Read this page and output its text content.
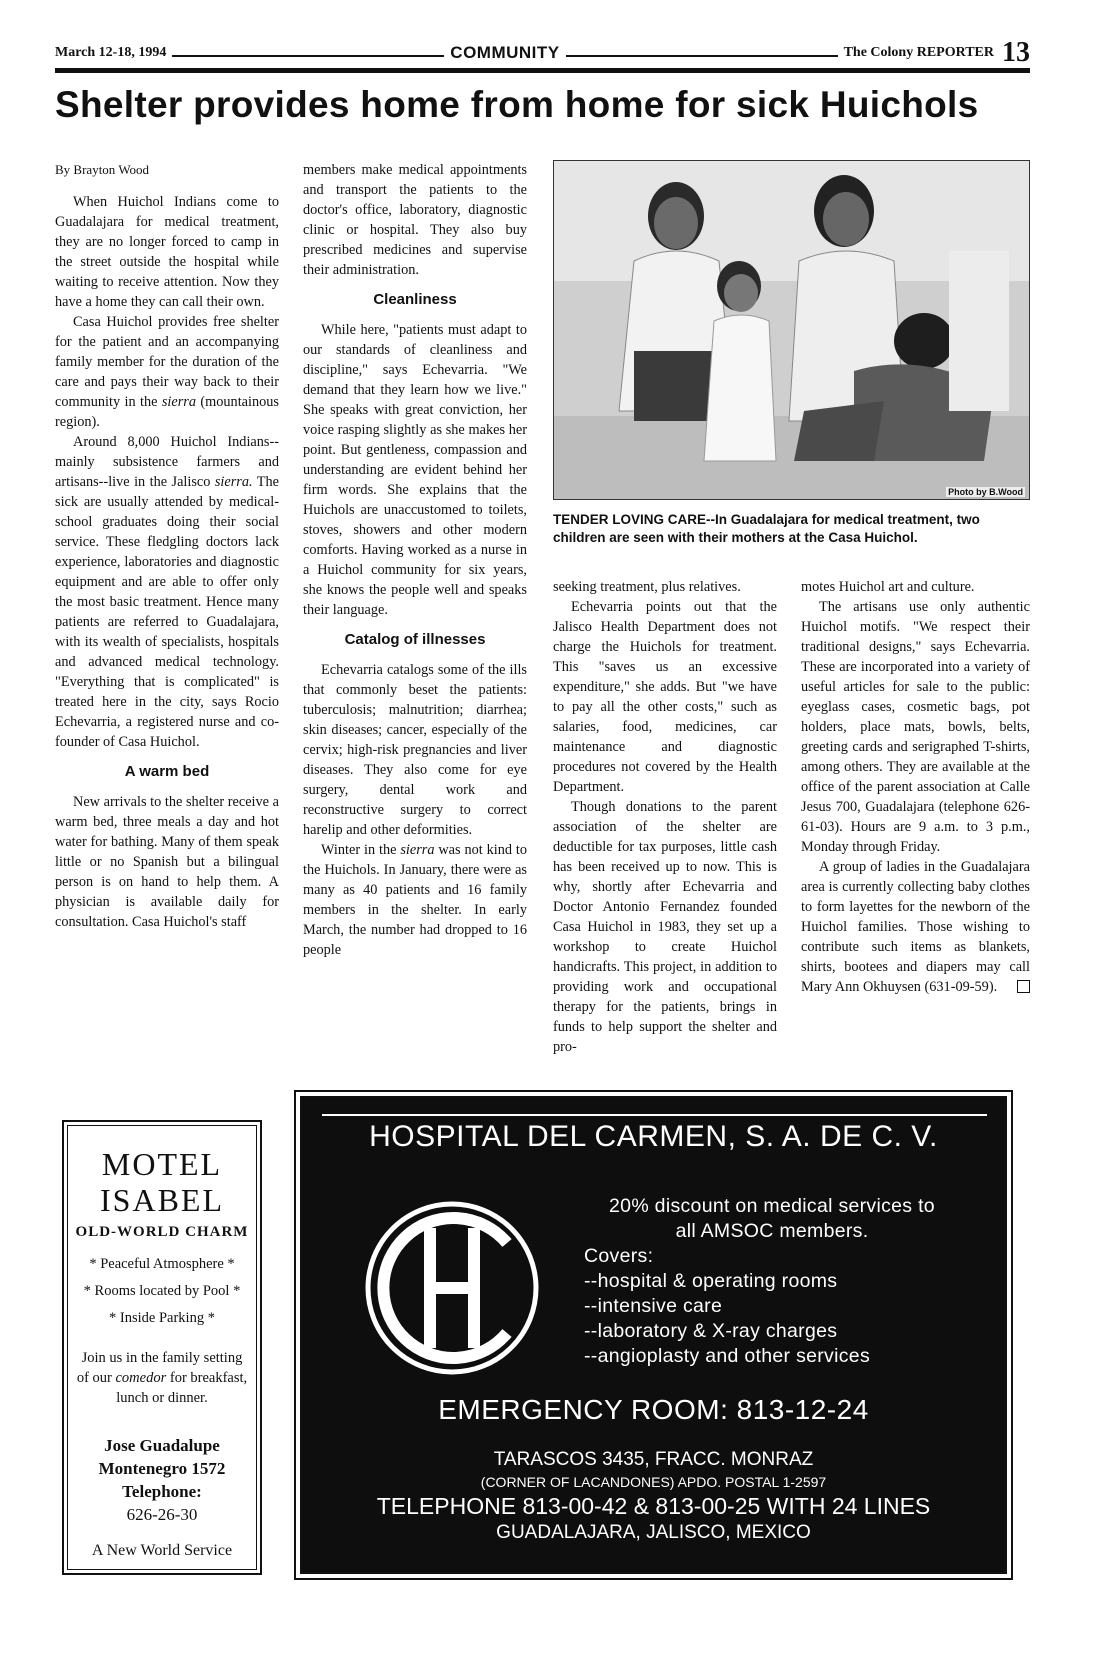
March 12-18, 1994	COMMUNITY	The Colony REPORTER 13
Shelter provides home from home for sick Huichols

By Brayton Wood

When Huichol Indians come to Guadalajara for medical treatment, they are no longer forced to camp in the street outside the hospital while waiting to receive attention. Now they have a home they can call their own.

Casa Huichol provides free shelter for the patient and an accompanying family member for the duration of the care and pays their way back to their community in the sierra (mountainous region).

Around 8,000 Huichol Indians--mainly subsistence farmers and artisans--live in the Jalisco sierra. The sick are usually attended by medical-school graduates doing their social service. These fledgling doctors lack experience, laboratories and diagnostic equipment and are able to offer only the most basic treatment. Hence many patients are referred to Guadalajara, with its wealth of specialists, hospitals and advanced medical technology. "Everything that is complicated" is treated here in the city, says Rocio Echevarria, a registered nurse and co-founder of Casa Huichol.

A warm bed

New arrivals to the shelter receive a warm bed, three meals a day and hot water for bathing. Many of them speak little or no Spanish but a bilingual person is on hand to help them. A physician is available daily for consultation. Casa Huichol's staff

members make medical appointments and transport the patients to the doctor's office, laboratory, diagnostic clinic or hospital. They also buy prescribed medicines and supervise their administration.

Cleanliness

While here, "patients must adapt to our standards of cleanliness and discipline," says Echevarria. "We demand that they learn how we live." She speaks with great conviction, her voice rasping slightly as she makes her point. But gentleness, compassion and understanding are evident behind her firm words. She explains that the Huichols are unaccustomed to toilets, stoves, showers and other modern comforts. Having worked as a nurse in a Huichol community for six years, she knows the people well and speaks their language.

Catalog of illnesses

Echevarria catalogs some of the ills that commonly beset the patients: tuberculosis; malnutrition; diarrhea; skin diseases; cancer, especially of the cervix; high-risk pregnancies and liver diseases. They also come for eye surgery, dental work and reconstructive surgery to correct harelip and other deformities.

Winter in the sierra was not kind to the Huichols. In January, there were as many as 40 patients and 16 family members in the shelter. In early March, the number had dropped to 16 people

Photo by B.Wood
TENDER LOVING CARE--In Guadalajara for medical treatment, two children are seen with their mothers at the Casa Huichol.

seeking treatment, plus relatives.

Echevarria points out that the Jalisco Health Department does not charge the Huichols for treatment. This "saves us an excessive expenditure," she adds. But "we have to pay all the other costs," such as salaries, food, medicines, car maintenance and diagnostic procedures not covered by the Health Department.

Though donations to the parent association of the shelter are deductible for tax purposes, little cash has been received up to now. This is why, shortly after Echevarria and Doctor Antonio Fernandez founded Casa Huichol in 1983, they set up a workshop to create Huichol handicrafts. This project, in addition to providing work and occupational therapy for the patients, brings in funds to help support the shelter and pro-

motes Huichol art and culture.

The artisans use only authentic Huichol motifs. "We respect their traditional designs," says Echevarria. These are incorporated into a variety of useful articles for sale to the public: eyeglass cases, cosmetic bags, pot holders, place mats, bowls, belts, greeting cards and serigraphed T-shirts, among others. They are available at the office of the parent association at Calle Jesus 700, Guadalajara (telephone 626-61-03). Hours are 9 a.m. to 3 p.m., Monday through Friday.

A group of ladies in the Guadalajara area is currently collecting baby clothes to form layettes for the newborn of the Huichol families. Those wishing to contribute such items as blankets, shirts, bootees and diapers may call Mary Ann Okhuysen (631-09-59).

MOTEL
ISABEL
OLD-WORLD CHARM
* Peaceful Atmosphere *
* Rooms located by Pool *
* Inside Parking *
Join us in the family setting of our comedor for breakfast, lunch or dinner.
Jose Guadalupe
Montenegro 1572
Telephone:
626-26-30
A New World Service
HOSPITAL DEL CARMEN, S. A. DE C. V.
HC
20% discount on medical services to
all AMSOC members.
Covers:
--hospital & operating rooms
--intensive care
--laboratory & X-ray charges
--angioplasty and other services
EMERGENCY ROOM: 813-12-24
TARASCOS 3435, FRACC. MONRAZ
(CORNER OF LACANDONES) APDO. POSTAL 1-2597
TELEPHONE 813-00-42 & 813-00-25 WITH 24 LINES
GUADALAJARA, JALISCO, MEXICO
